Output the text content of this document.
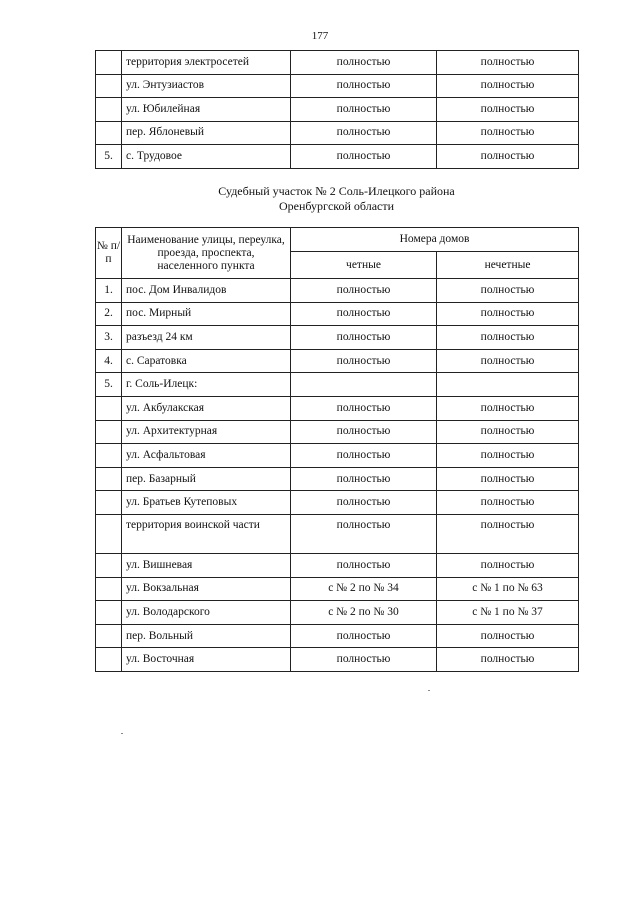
177
	территория электросетей	полностью	полностью
	ул. Энтузиастов	полностью	полностью
	ул. Юбилейная	полностью	полностью
	пер. Яблоневый	полностью	полностью
5.	с. Трудовое	полностью	полностью
Судебный участок № 2 Соль-Илецкого района
Оренбургской области
№ п/п	Наименование улицы, переулка, проезда, проспекта, населенного пункта	Номера домов	
		четные	нечетные
1.	пос. Дом Инвалидов	полностью	полностью
2.	пос. Мирный	полностью	полностью
3.	разъезд 24 км	полностью	полностью
4.	с. Саратовка	полностью	полностью
5.	г. Соль-Илецк:		
	ул. Акбулакская	полностью	полностью
	ул. Архитектурная	полностью	полностью
	ул. Асфальтовая	полностью	полностью
	пер. Базарный	полностью	полностью
	ул. Братьев Кутеповых	полностью	полностью
	территория воинской части	полностью	полностью
	ул. Вишневая	полностью	полностью
	ул. Вокзальная	с № 2 по № 34	с № 1 по № 63
	ул. Володарского	с № 2 по № 30	с № 1 по № 37
	пер. Вольный	полностью	полностью
	ул. Восточная	полностью	полностью
